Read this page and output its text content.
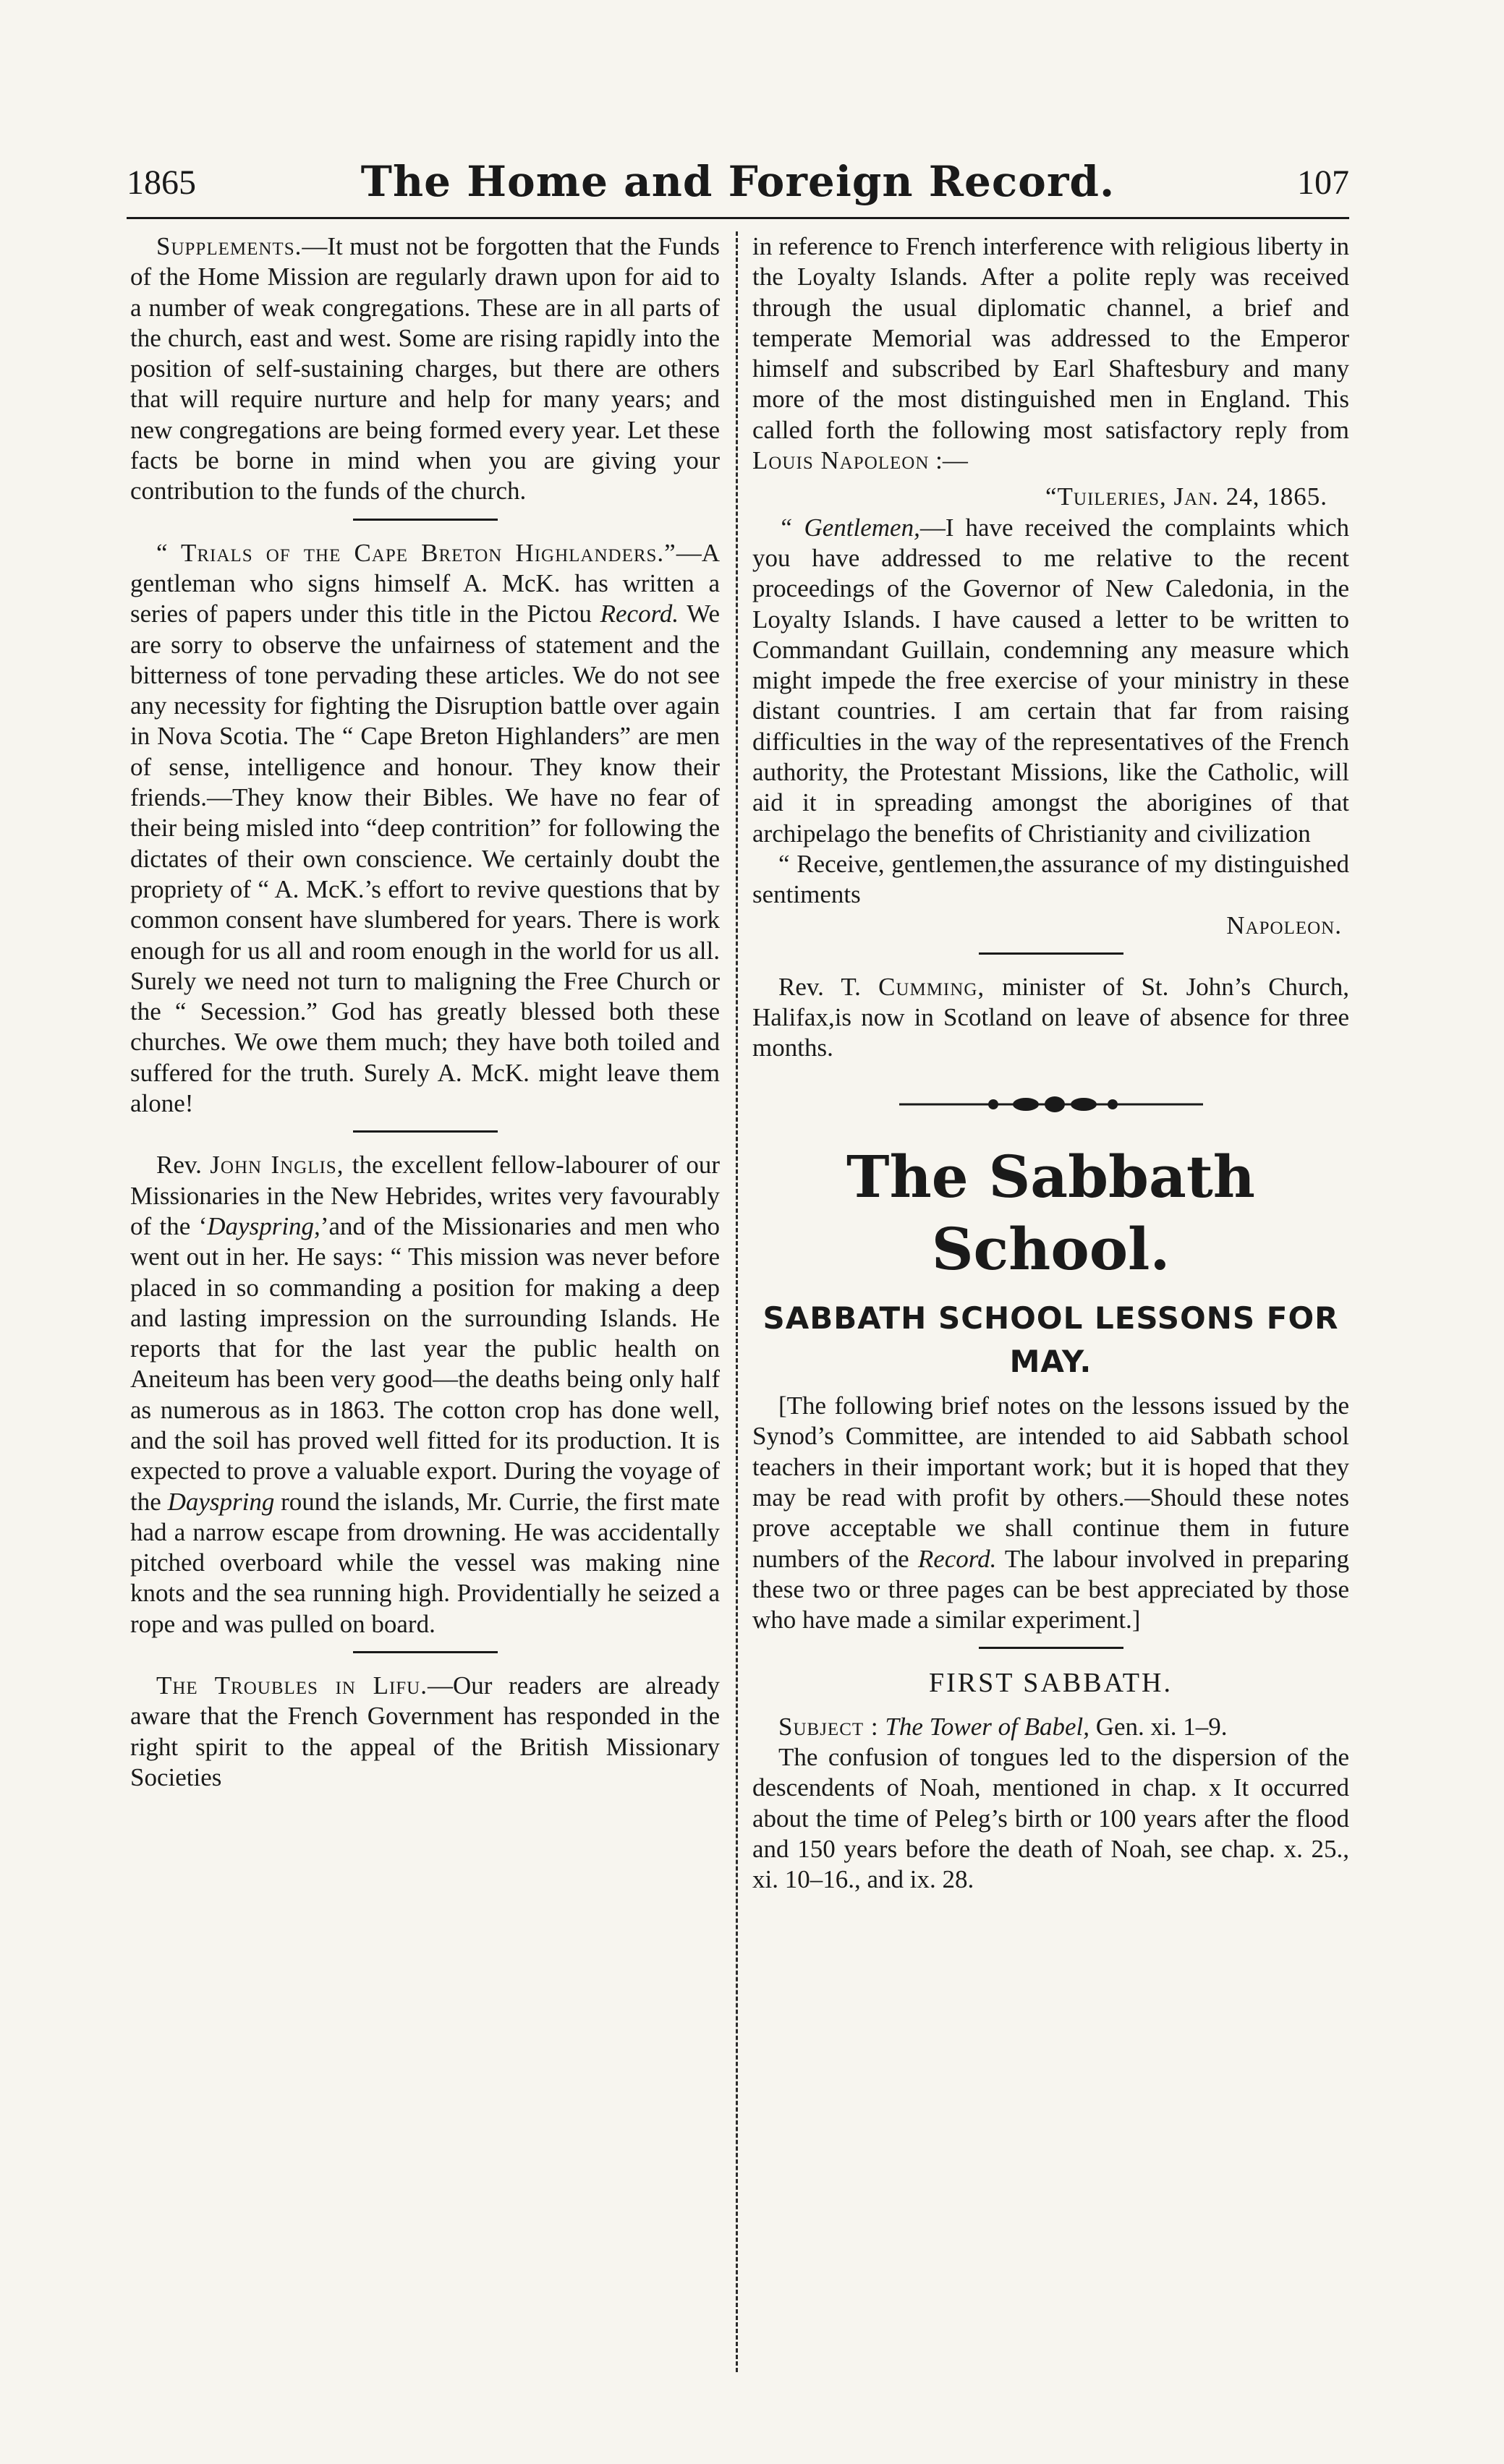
1865	The Home and Foreign Record.	107

Supplements.—It must not be forgotten that the Funds of the Home Mission are regularly drawn upon for aid to a number of weak congregations. These are in all parts of the church, east and west. Some are rising rapidly into the position of self-sustaining charges, but there are others that will require nurture and help for many years; and new congregations are being formed every year. Let these facts be borne in mind when you are giving your contribution to the funds of the church.

“ Trials of the Cape Breton Highlanders.”—A gentleman who signs himself A. McK. has written a series of papers under this title in the Pictou Record. We are sorry to observe the unfairness of statement and the bitterness of tone pervading these articles. We do not see any necessity for fighting the Disruption battle over again in Nova Scotia. The “ Cape Breton Highlanders” are men of sense, intelligence and honour. They know their friends.—They know their Bibles. We have no fear of their being misled into “deep contrition” for following the dictates of their own conscience. We certainly doubt the propriety of “ A. McK.’s effort to revive questions that by common consent have slumbered for years. There is work enough for us all and room enough in the world for us all. Surely we need not turn to maligning the Free Church or the “ Secession.” God has greatly blessed both these churches. We owe them much; they have both toiled and suffered for the truth. Surely A. McK. might leave them alone!

Rev. John Inglis, the excellent fellow-labourer of our Missionaries in the New Hebrides, writes very favourably of the ‘Dayspring,’and of the Missionaries and men who went out in her. He says: “ This mission was never before placed in so commanding a position for making a deep and lasting impression on the surrounding Islands. He reports that for the last year the public health on Aneiteum has been very good—the deaths being only half as numerous as in 1863. The cotton crop has done well, and the soil has proved well fitted for its production. It is expected to prove a valuable export. During the voyage of the Dayspring round the islands, Mr. Currie, the first mate had a narrow escape from drowning. He was accidentally pitched overboard while the vessel was making nine knots and the sea running high. Providentially he seized a rope and was pulled on board.

The Troubles in Lifu.—Our readers are already aware that the French Government has responded in the right spirit to the appeal of the British Missionary Societies

in reference to French interference with religious liberty in the Loyalty Islands. After a polite reply was received through the usual diplomatic channel, a brief and temperate Memorial was addressed to the Emperor himself and subscribed by Earl Shaftesbury and many more of the most distinguished men in England. This called forth the following most satisfactory reply from Louis Napoleon :—

“Tuileries, Jan. 24, 1865.

“ Gentlemen,—I have received the complaints which you have addressed to me relative to the recent proceedings of the Governor of New Caledonia, in the Loyalty Islands. I have caused a letter to be written to Commandant Guillain, condemning any measure which might impede the free exercise of your ministry in these distant countries. I am certain that far from raising difficulties in the way of the representatives of the French authority, the Protestant Missions, like the Catholic, will aid it in spreading amongst the aborigines of that archipelago the benefits of Christianity and civilization

“ Receive, gentlemen,the assurance of my distinguished sentiments

Napoleon.

Rev. T. Cumming, minister of St. John’s Church, Halifax,is now in Scotland on leave of absence for three months.

The Sabbath School.
SABBATH SCHOOL LESSONS FOR MAY.

[The following brief notes on the lessons issued by the Synod’s Committee, are intended to aid Sabbath school teachers in their important work; but it is hoped that they may be read with profit by others.—Should these notes prove acceptable we shall continue them in future numbers of the Record. The labour involved in preparing these two or three pages can be best appreciated by those who have made a similar experiment.]

FIRST SABBATH.

Subject : The Tower of Babel, Gen. xi. 1–9.

The confusion of tongues led to the dispersion of the descendents of Noah, mentioned in chap. x It occurred about the time of Peleg’s birth or 100 years after the flood and 150 years before the death of Noah, see chap. x. 25., xi. 10–16., and ix. 28.
